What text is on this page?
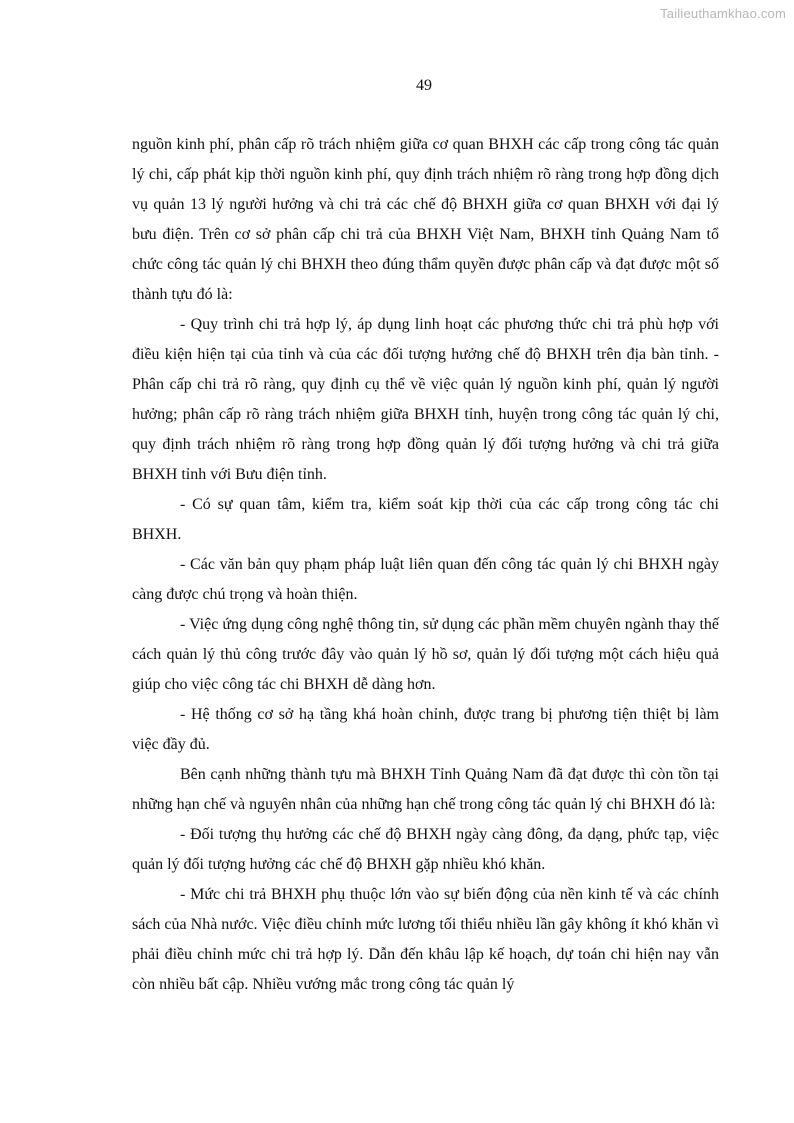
Tailieuthamkhao.com
49

nguồn kinh phí, phân cấp rõ trách nhiệm giữa cơ quan BHXH các cấp trong công tác quản lý chi, cấp phát kịp thời nguồn kinh phí, quy định trách nhiệm rõ ràng trong hợp đồng dịch vụ quản 13 lý người hưởng và chi trả các chế độ BHXH giữa cơ quan BHXH với đại lý bưu điện. Trên cơ sở phân cấp chi trả của BHXH Việt Nam, BHXH tỉnh Quảng Nam tổ chức công tác quản lý chi BHXH theo đúng thẩm quyền được phân cấp và đạt được một số thành tựu đó là:

- Quy trình chi trả hợp lý, áp dụng linh hoạt các phương thức chi trả phù hợp với điều kiện hiện tại của tỉnh và của các đối tượng hưởng chế độ BHXH trên địa bàn tỉnh. - Phân cấp chi trả rõ ràng, quy định cụ thể về việc quản lý nguồn kinh phí, quản lý người hưởng; phân cấp rõ ràng trách nhiệm giữa BHXH tỉnh, huyện trong công tác quản lý chi, quy định trách nhiệm rõ ràng trong hợp đồng quản lý đối tượng hưởng và chi trả giữa BHXH tỉnh với Bưu điện tỉnh.

- Có sự quan tâm, kiểm tra, kiểm soát kịp thời của các cấp trong công tác chi BHXH.

- Các văn bản quy phạm pháp luật liên quan đến công tác quản lý chi BHXH ngày càng được chú trọng và hoàn thiện.

- Việc ứng dụng công nghệ thông tin, sử dụng các phần mềm chuyên ngành thay thế cách quản lý thủ công trước đây vào quản lý hồ sơ, quản lý đối tượng một cách hiệu quả giúp cho việc công tác chi BHXH dễ dàng hơn.

- Hệ thống cơ sở hạ tầng khá hoàn chỉnh, được trang bị phương tiện thiệt bị làm việc đầy đủ.

Bên cạnh những thành tựu mà BHXH Tỉnh Quảng Nam đã đạt được thì còn tồn tại những hạn chế và nguyên nhân của những hạn chế trong công tác quản lý chi BHXH đó là:

- Đối tượng thụ hưởng các chế độ BHXH ngày càng đông, đa dạng, phức tạp, việc quản lý đối tượng hưởng các chế độ BHXH gặp nhiều khó khăn.

- Mức chi trả BHXH phụ thuộc lớn vào sự biến động của nền kinh tế và các chính sách của Nhà nước. Việc điều chỉnh mức lương tối thiểu nhiều lần gây không ít khó khăn vì phải điều chỉnh mức chi trả hợp lý. Dẫn đến khâu lập kế hoạch, dự toán chi hiện nay vẫn còn nhiều bất cập. Nhiều vướng mắc trong công tác quản lý
